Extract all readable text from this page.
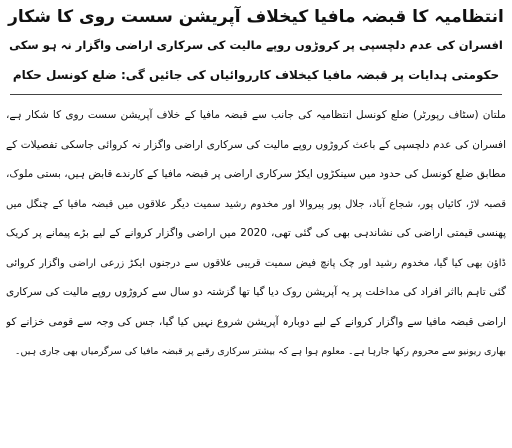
انتظامیہ کا قبضہ مافیا کیخلاف آپریشن سست روی کا شکار
افسران کی عدم دلچسپی پر کروڑوں روپے مالیت کی سرکاری اراضی واگزار نہ ہو سکی
حکومتی ہدایات پر قبضہ مافیا کیخلاف کارروائیاں کی جائیں گی: ضلع کونسل حکام
ملتان (سٹاف رپورٹر) ضلع کونسل انتظامیہ کی جانب سے قبضہ مافیا کے خلاف آپریشن سست روی کا شکار ہے،
افسران کی عدم دلچسپی کے باعث کروڑوں روپے مالیت کی سرکاری اراضی واگزار نہ کروائی جاسکی تفصیلات کے
مطابق ضلع کونسل کی حدود میں سینکڑوں ایکڑ سرکاری اراضی پر قبضہ مافیا کے کارندے قابض ہیں، بستی ملوک،
قصبہ لاڑ، کائیاں پور، شجاع آباد، جلال پور پیروالا اور مخدوم رشید سمیت دیگر علاقوں میں قبضہ مافیا کے چنگل میں
پھنسی قیمتی اراضی کی نشاندہی بھی کی گئی تھی، 2020 میں اراضی واگزار کروانے کے لیے بڑے پیمانے پر کریک
ڈاؤن بھی کیا گیا، مخدوم رشید اور چک پانچ فیض سمیت قریبی علاقوں سے درجنوں ایکڑ زرعی اراضی واگزار کروائی
گئی تاہم بااثر افراد کی مداخلت پر یہ آپریشن روک دیا گیا تھا گزشتہ دو سال سے کروڑوں روپے مالیت کی سرکاری
اراضی قبضہ مافیا سے واگزار کروانے کے لیے دوبارہ آپریشن شروع نہیں کیا گیا، جس کی وجہ سے قومی خزانے کو
بھاری ریونیو سے محروم رکھا جارہا ہے۔ معلوم ہوا ہے کہ بیشتر سرکاری رقبے پر قبضہ مافیا کی سرگرمیاں بھی جاری ہیں۔
